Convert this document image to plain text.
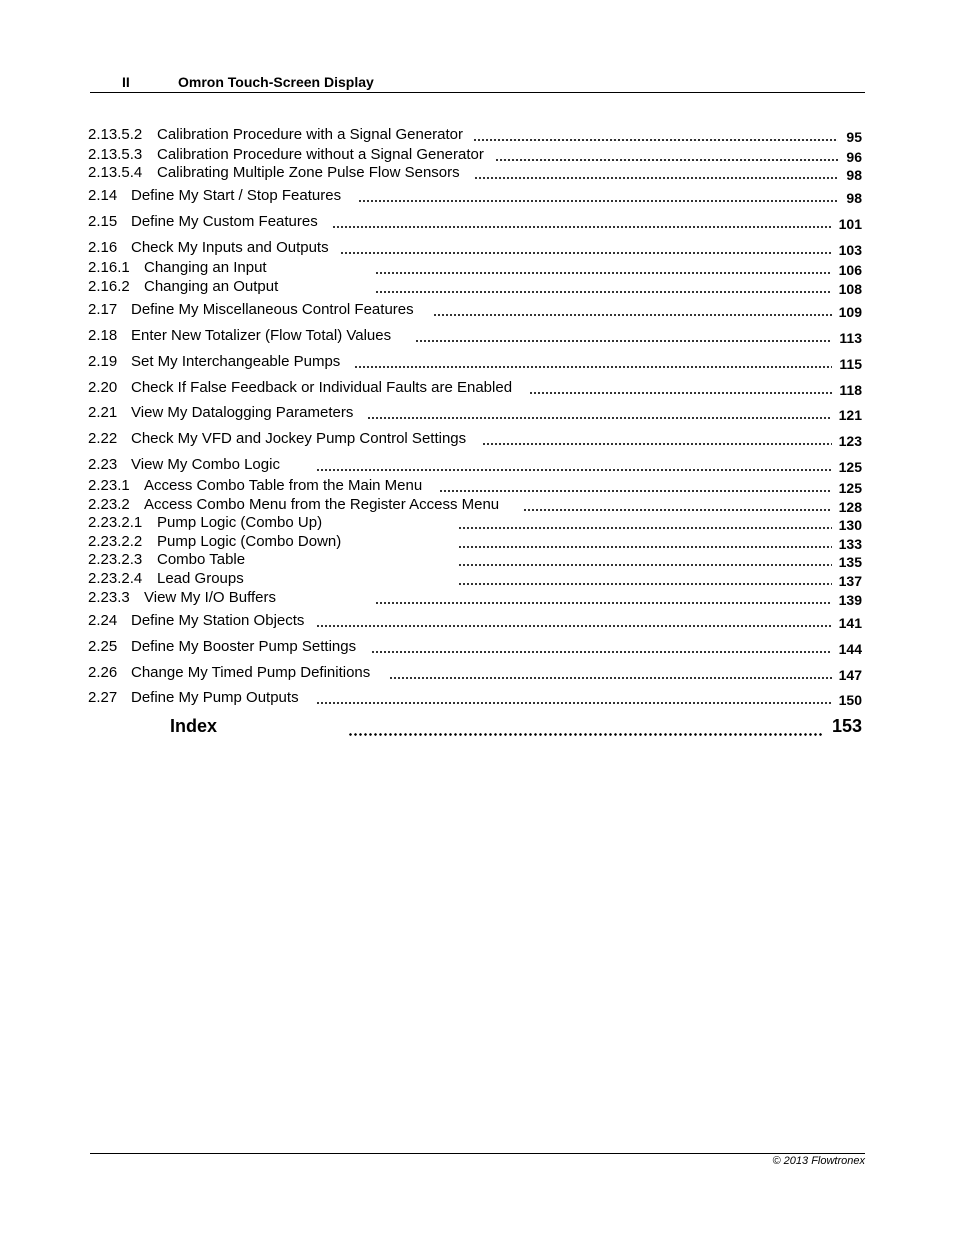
II	Omron Touch-Screen Display
2.13.5.2 Calibration Procedure with a Signal Generator	95
2.13.5.3 Calibration Procedure without a Signal Generator	96
2.13.5.4 Calibrating Multiple Zone Pulse Flow Sensors	98
2.14 Define My Start / Stop Features	98
2.15 Define My Custom Features	101
2.16 Check My Inputs and Outputs	103
2.16.1 Changing an Input	106
2.16.2 Changing an Output	108
2.17 Define My Miscellaneous Control Features	109
2.18 Enter New Totalizer (Flow Total) Values	113
2.19 Set My Interchangeable Pumps	115
2.20 Check If False Feedback or Individual Faults are Enabled	118
2.21 View My Datalogging Parameters	121
2.22 Check My VFD and Jockey Pump Control Settings	123
2.23 View My Combo Logic	125
2.23.1 Access Combo Table from the Main Menu	125
2.23.2 Access Combo Menu from the Register Access Menu	128
2.23.2.1 Pump Logic (Combo Up)	130
2.23.2.2 Pump Logic (Combo Down)	133
2.23.2.3 Combo Table	135
2.23.2.4 Lead Groups	137
2.23.3 View My I/O Buffers	139
2.24 Define My Station Objects	141
2.25 Define My Booster Pump Settings	144
2.26 Change My Timed Pump Definitions	147
2.27 Define My Pump Outputs	150
Index	153
© 2013 Flowtronex
